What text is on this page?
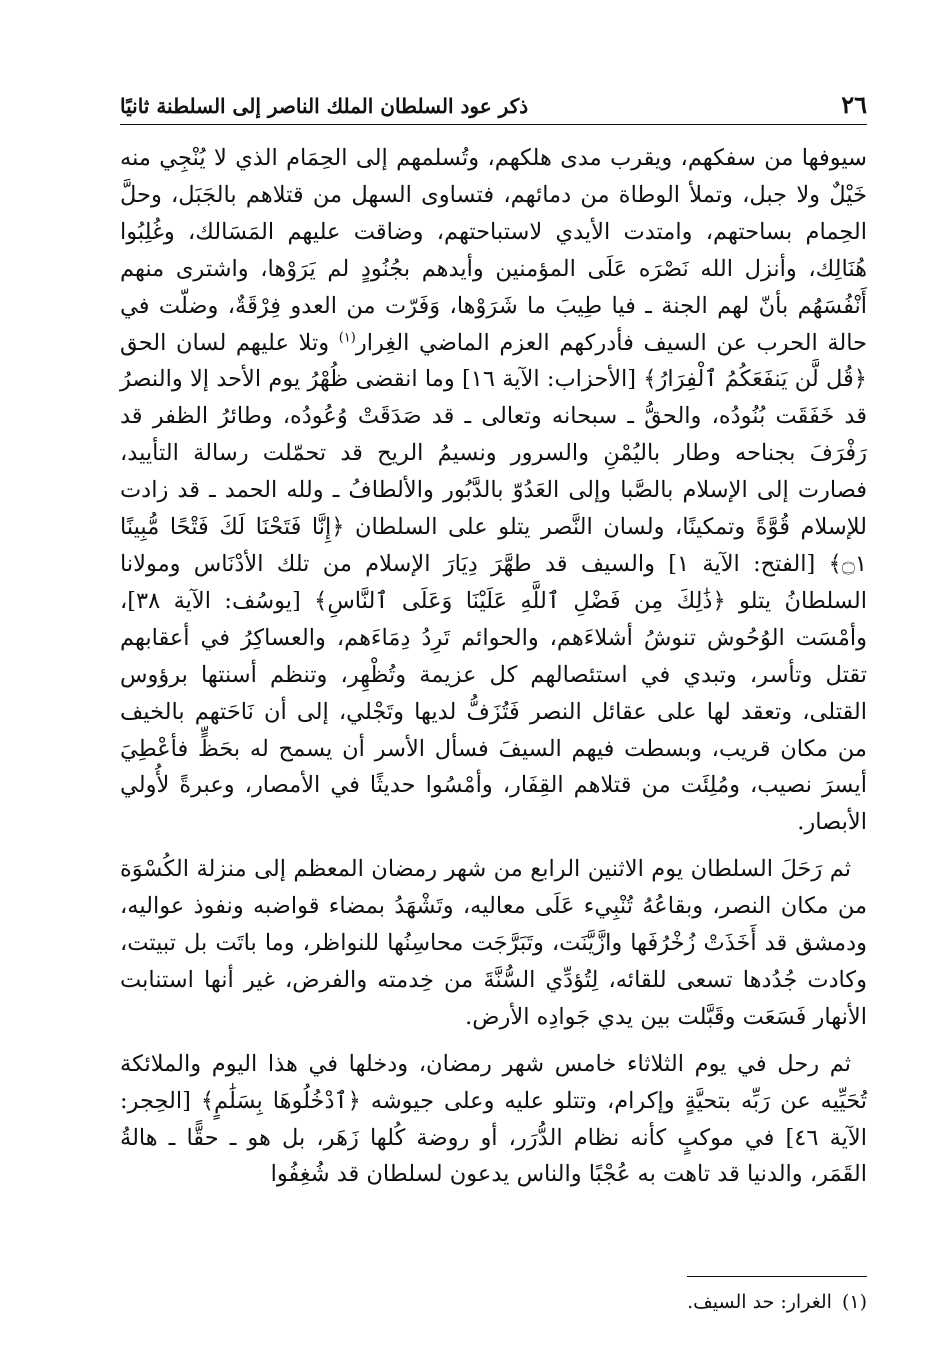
٢٦
ذكر عود السلطان الملك الناصر إلى السلطنة ثانيًا

سيوفها من سفكهم، ويقرب مدى هلكهم، وتُسلمهم إلى الحِمَام الذي لا يُنْجِي منه خَيْلٌ ولا جبل، وتملأ الوطاة من دمائهم، فتساوى السهل من قتلاهم بالجَبَل، وحلَّ الحِمام بساحتهم، وامتدت الأيدي لاستباحتهم، وضاقت عليهم المَسَالك، وغُلِبُوا هُنَالِك، وأنزل الله نَصْرَه عَلَى المؤمنين وأيدهم بجُنُودٍ لم يَرَوْها، واشترى منهم أَنْفُسَهُم بأنّ لهم الجنة ـ فيا طِيبَ ما شَرَوْها، وَفَرّت من العدو فِرْقَةٌ، وضلّت في حالة الحرب عن السيف فأدركهم العزم الماضي الغِرار$^{(١)}$ وتلا عليهم لسان الحق ﴿قُل لَّن يَنفَعَكُمُ ٱلْفِرَارُ﴾ [الأحزاب: الآية ١٦] وما انقضى ظُهْرُ يوم الأحد إلا والنصرُ قد خَفَقَت بُنُودُه، والحقُّ ـ سبحانه وتعالى ـ قد صَدَقَتْ وُعُودُه، وطائرُ الظفر قد رَفْرَفَ بجناحه وطار باليُمْنِ والسرور ونسيمُ الريح قد تحمّلت رسالة التأييد، فصارت إلى الإسلام بالصَّبا وإلى العَدُوّ بالدَّبُور والألطافُ ـ ولله الحمد ـ قد زادت للإسلام قُوَّةً وتمكينًا، ولسان النَّصر يتلو على السلطان ﴿إِنَّا فَتَحْنَا لَكَ فَتْحًا مُّبِينًا ۝١﴾ [الفتح: الآية ١] والسيف قد طهَّرَ دِيَارَ الإسلام من تلك الأدْنَاس ومولانا السلطانُ يتلو ﴿ذَٰلِكَ مِن فَضْلِ ٱللَّهِ عَلَيْنَا وَعَلَى ٱلنَّاسِ﴾ [يوسُف: الآية ٣٨]، وأمْسَت الوُحُوش تنوشُ أشلاءَهم، والحوائم تَرِدُ دِمَاءَهم، والعساكِرُ في أعقابهم تقتل وتأسر، وتبدي في استئصالهم كل عزيمة وتُظْهِر، وتنظم أسنتها برؤوس القتلى، وتعقد لها على عقائل النصر فَتُزَفُّ لديها وتَجْلي، إلى أن نَاحَتهم بالخيف من مكان قريب، وبسطت فيهم السيفَ فسأل الأسر أن يسمح له بحَظٍّ فأعْطِيَ أيسرَ نصيب، ومُلِئَت من قتلاهم القِفَار، وأمْسُوا حديثًا في الأمصار، وعبرةً لأُولي الأبصار.

ثم رَحَلَ السلطان يوم الاثنين الرابع من شهر رمضان المعظم إلى منزلة الكُسْوَة من مكان النصر، وبقاعُهُ تُنْبِيء عَلَى معاليه، وتَشْهَدُ بمضاء قواضبه ونفوذ عواليه، ودمشق قد أَخَذَتْ زُخْرُفَها وازَّيَّنَت، وتَبَرَّجَت محاسِنُها للنواظر، وما باتَت بل تبيتت، وكادت جُدُدها تسعى للقائه، لِتُؤدِّي السُّنَّةَ من خِدمته والفرض، غير أنها استنابت الأنهار فَسَعَت وقَبَّلت بين يدي جَوادِه الأرض.

ثم رحل في يوم الثلاثاء خامس شهر رمضان، ودخلها في هذا اليوم والملائكة تُحَيِّيه عن رَبِّه بتحيَّةٍ وإكرام، وتتلو عليه وعلى جيوشه ﴿ٱدْخُلُوهَا بِسَلَٰمٍ﴾ [الحِجر: الآية ٤٦] في موكبٍ كأنه نظام الدُّرَر، أو روضة كُلها زَهَر، بل هو ـ حقًّا ـ هالةُ القَمَر، والدنيا قد تاهت به عُجْبًا والناس يدعون لسلطان قد شُغِفُوا

(١)الغرار: حد السيف.
